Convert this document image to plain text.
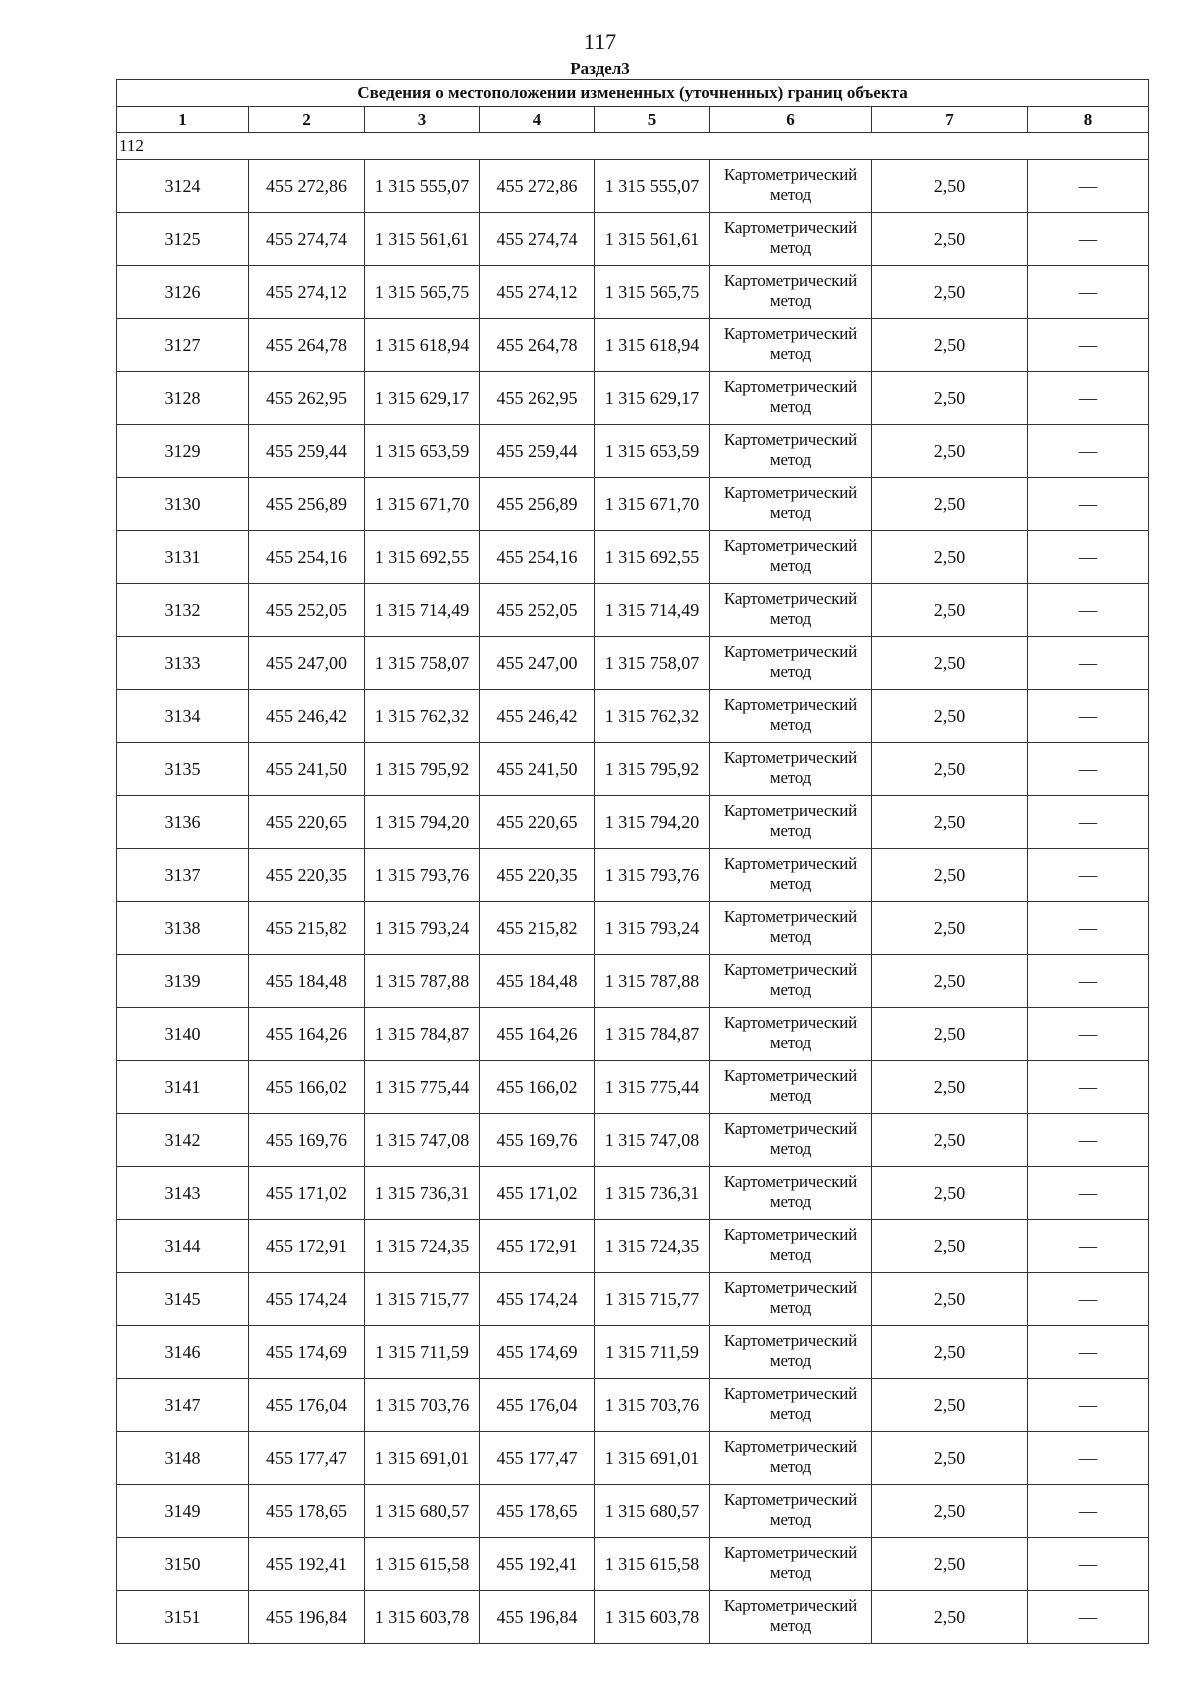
117
Раздел3
Сведения о местоположении измененных (уточненных) границ объекта							
1	2	3	4	5	6	7	8
112							
3124	455 272,86	1 315 555,07	455 272,86	1 315 555,07	Картометрический метод	2,50	—
3125	455 274,74	1 315 561,61	455 274,74	1 315 561,61	Картометрический метод	2,50	—
3126	455 274,12	1 315 565,75	455 274,12	1 315 565,75	Картометрический метод	2,50	—
3127	455 264,78	1 315 618,94	455 264,78	1 315 618,94	Картометрический метод	2,50	—
3128	455 262,95	1 315 629,17	455 262,95	1 315 629,17	Картометрический метод	2,50	—
3129	455 259,44	1 315 653,59	455 259,44	1 315 653,59	Картометрический метод	2,50	—
3130	455 256,89	1 315 671,70	455 256,89	1 315 671,70	Картометрический метод	2,50	—
3131	455 254,16	1 315 692,55	455 254,16	1 315 692,55	Картометрический метод	2,50	—
3132	455 252,05	1 315 714,49	455 252,05	1 315 714,49	Картометрический метод	2,50	—
3133	455 247,00	1 315 758,07	455 247,00	1 315 758,07	Картометрический метод	2,50	—
3134	455 246,42	1 315 762,32	455 246,42	1 315 762,32	Картометрический метод	2,50	—
3135	455 241,50	1 315 795,92	455 241,50	1 315 795,92	Картометрический метод	2,50	—
3136	455 220,65	1 315 794,20	455 220,65	1 315 794,20	Картометрический метод	2,50	—
3137	455 220,35	1 315 793,76	455 220,35	1 315 793,76	Картометрический метод	2,50	—
3138	455 215,82	1 315 793,24	455 215,82	1 315 793,24	Картометрический метод	2,50	—
3139	455 184,48	1 315 787,88	455 184,48	1 315 787,88	Картометрический метод	2,50	—
3140	455 164,26	1 315 784,87	455 164,26	1 315 784,87	Картометрический метод	2,50	—
3141	455 166,02	1 315 775,44	455 166,02	1 315 775,44	Картометрический метод	2,50	—
3142	455 169,76	1 315 747,08	455 169,76	1 315 747,08	Картометрический метод	2,50	—
3143	455 171,02	1 315 736,31	455 171,02	1 315 736,31	Картометрический метод	2,50	—
3144	455 172,91	1 315 724,35	455 172,91	1 315 724,35	Картометрический метод	2,50	—
3145	455 174,24	1 315 715,77	455 174,24	1 315 715,77	Картометрический метод	2,50	—
3146	455 174,69	1 315 711,59	455 174,69	1 315 711,59	Картометрический метод	2,50	—
3147	455 176,04	1 315 703,76	455 176,04	1 315 703,76	Картометрический метод	2,50	—
3148	455 177,47	1 315 691,01	455 177,47	1 315 691,01	Картометрический метод	2,50	—
3149	455 178,65	1 315 680,57	455 178,65	1 315 680,57	Картометрический метод	2,50	—
3150	455 192,41	1 315 615,58	455 192,41	1 315 615,58	Картометрический метод	2,50	—
3151	455 196,84	1 315 603,78	455 196,84	1 315 603,78	Картометрический метод	2,50	—
